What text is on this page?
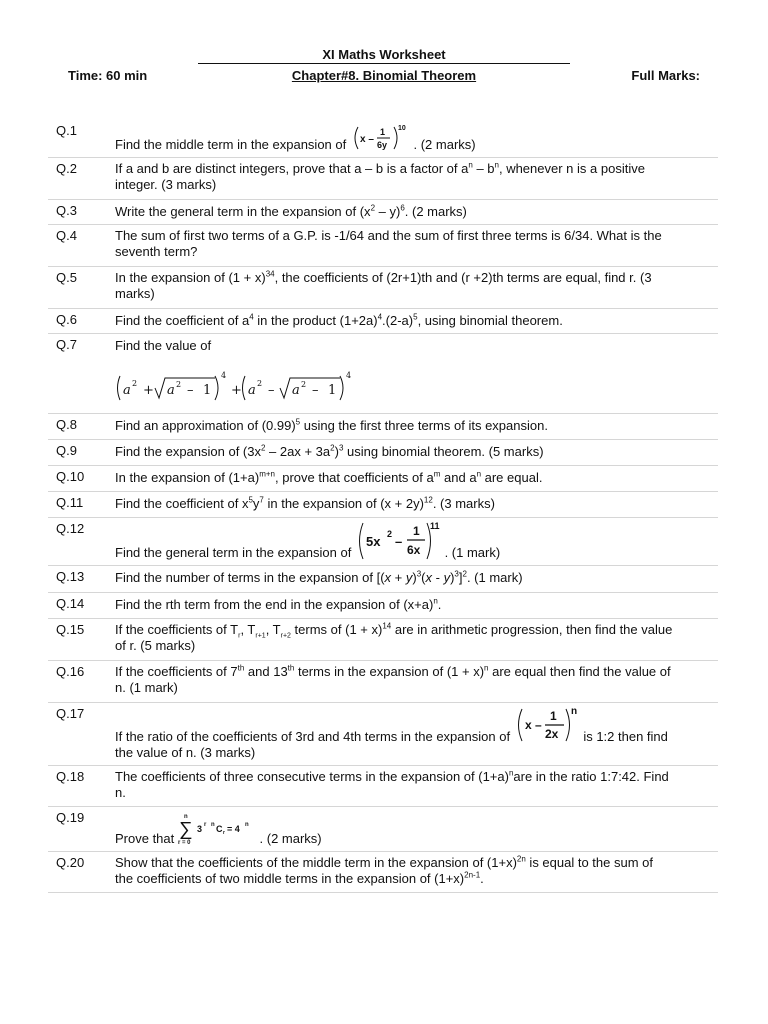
XI Maths Worksheet
Time: 60 min	Chapter#8. Binomial Theorem	Full Marks:
Q.1
Find the middle term in the expansion of x –
1
6y
10
. (2 marks)
Q.2	If a and b are distinct integers, prove that a – b is a factor of $a^n - b^n$, whenever n is a positive
integer. (3 marks)
Q.3	Write the general term in the expansion of $(x^2 - y)^6$. (2 marks)
Q.4	The sum of first two terms of a G.P. is -1/64 and the sum of first three terms is 6/34. What is the
seventh term?
Q.5	In the expansion of $(1 + x)^{34}$, the coefficients of (2r+1)th and (r +2)th terms are equal, find r. (3
marks)
Q.6	Find the coefficient of $a^4$ in the product $(1+2a)^4.(2-a)^5$, using binomial theorem.
Q.7	Find the value of
a 2 + a 2 – 1
4
+ a 2 – a 2 – 1
4
Q.8	Find an approximation of $(0.99)^5$ using the first three terms of its expansion.
Q.9	Find the expansion of $(3x^2 - 2ax + 3a^2)^3$ using binomial theorem. (5 marks)
Q.10 In the expansion of $(1+a)^{m+n}$, prove that coefficients of $a^m$ and $a^n$ are equal.
Q.11 Find the coefficient of $x^5y^7$ in the expansion of $(x + 2y)^{12}$. (3 marks)
Q.12
Find the general term in the expansion of
5x 2 –
1
6x
11
. (1 mark)
Q.13 Find the number of terms in the expansion of $[(x + y)^3(x - y)^3]^2$. (1 mark)
Q.14 Find the rth term from the end in the expansion of $(x+a)^n$.
Q.15 If the coefficients of $T_r$, $T_{r+1}$, $T_{r+2}$ terms of $(1 + x)^{14}$ are in arithmetic progression, then find the value
of r. (5 marks)
Q.16 If the coefficients of 7th and 13th terms in the expansion of $(1 + x)^n$ are equal then find the value of
n. (1 mark)
Q.17
If the ratio of the coefficients of 3rd and 4th terms in the expansion of
x –
1
2x
n
is 1:2 then find
the value of n. (3 marks)
Q.18 The coefficients of three consecutive terms in the expansion of $(1+a)^nare$ in the ratio 1:7:42. Find
n.
Q.19
Prove that
n
∑
r = 0
3 r n C r = 4 n
. (2 marks)
Q.20 Show that the coefficients of the middle term in the expansion of $(1+x)^{2n}$ is equal to the sum of
the coefficients of two middle terms in the expansion of $(1+x)^{2n-1}$.
